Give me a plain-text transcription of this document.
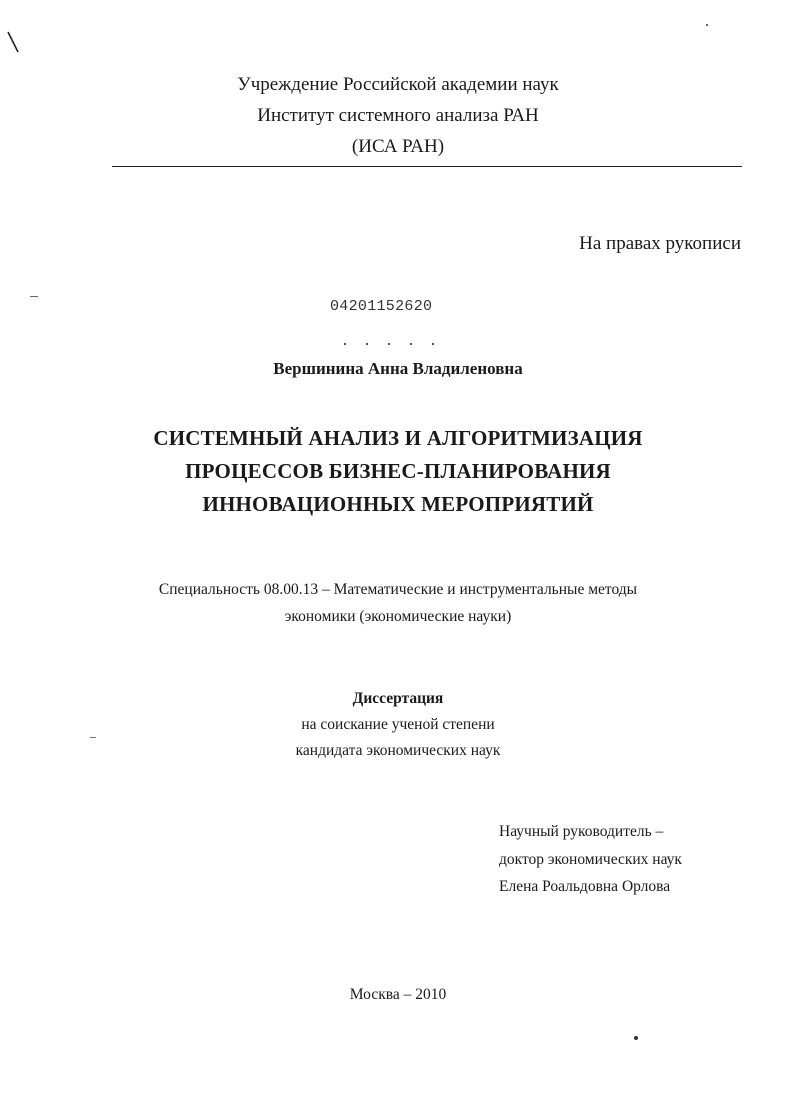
Учреждение Российской академии наук
Институт системного анализа РАН
(ИСА РАН)
На правах рукописи
04201152620
Вершинина Анна Владиленовна
СИСТЕМНЫЙ АНАЛИЗ И АЛГОРИТМИЗАЦИЯ
ПРОЦЕССОВ БИЗНЕС-ПЛАНИРОВАНИЯ
ИННОВАЦИОННЫХ МЕРОПРИЯТИЙ
Специальность 08.00.13 – Математические и инструментальные методы
экономики (экономические науки)
Диссертация
на соискание ученой степени
кандидата экономических наук
Научный руководитель –
доктор экономических наук
Елена Роальдовна Орлова
Москва – 2010
